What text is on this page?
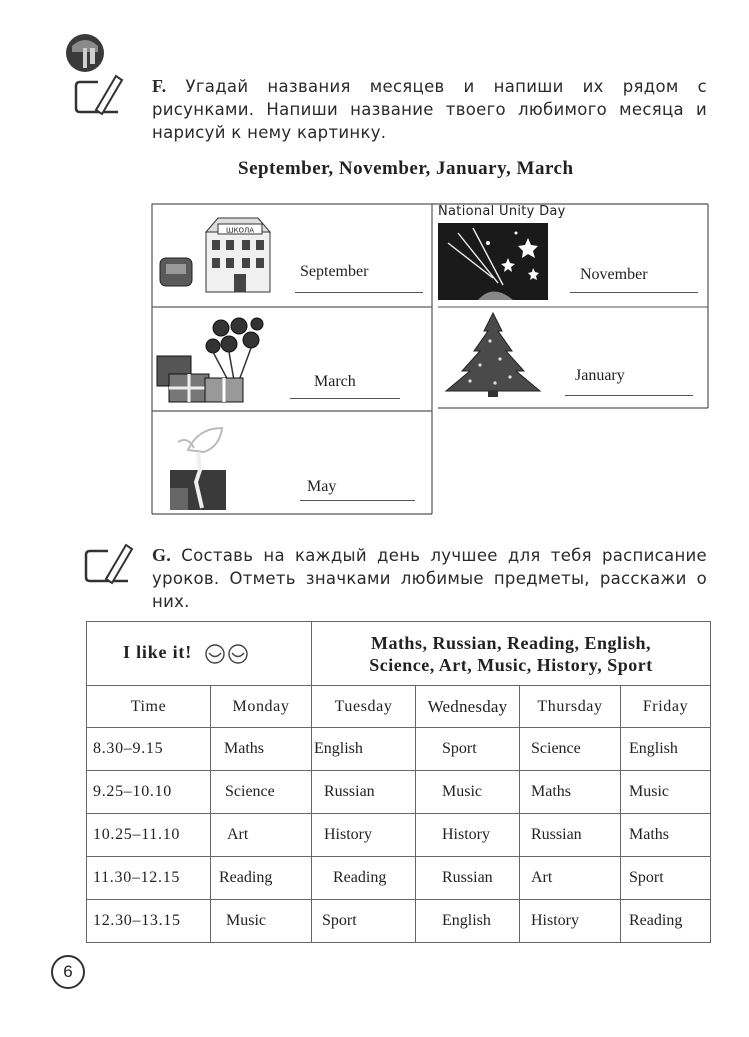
F. Угадай названия месяцев и напиши их рядом с рисунками. Напиши название твоего любимого месяца и нарисуй к нему картинку.
September, November, January, March
ШКОЛА
September
National Unity Day
November
March	January
May
G. Составь на каждый день лучшее для тебя расписание уроков. Отметь значками любимые предметы, расскажи о них.
I like it!		Maths, Russian, Reading, English,
Science, Art, Music, History, Sport			

Time	Monday	Tuesday	Wednesday	Thursday	Friday
8.30–9.15	Maths	English	Sport	Science	English
9.25–10.10	Science	Russian	Music	Maths	Music
10.25–11.10	Art	History	History	Russian	Maths
11.30–12.15	Reading	Reading	Russian	Art	Sport
12.30–13.15	Music	Sport	English	History	Reading
6
